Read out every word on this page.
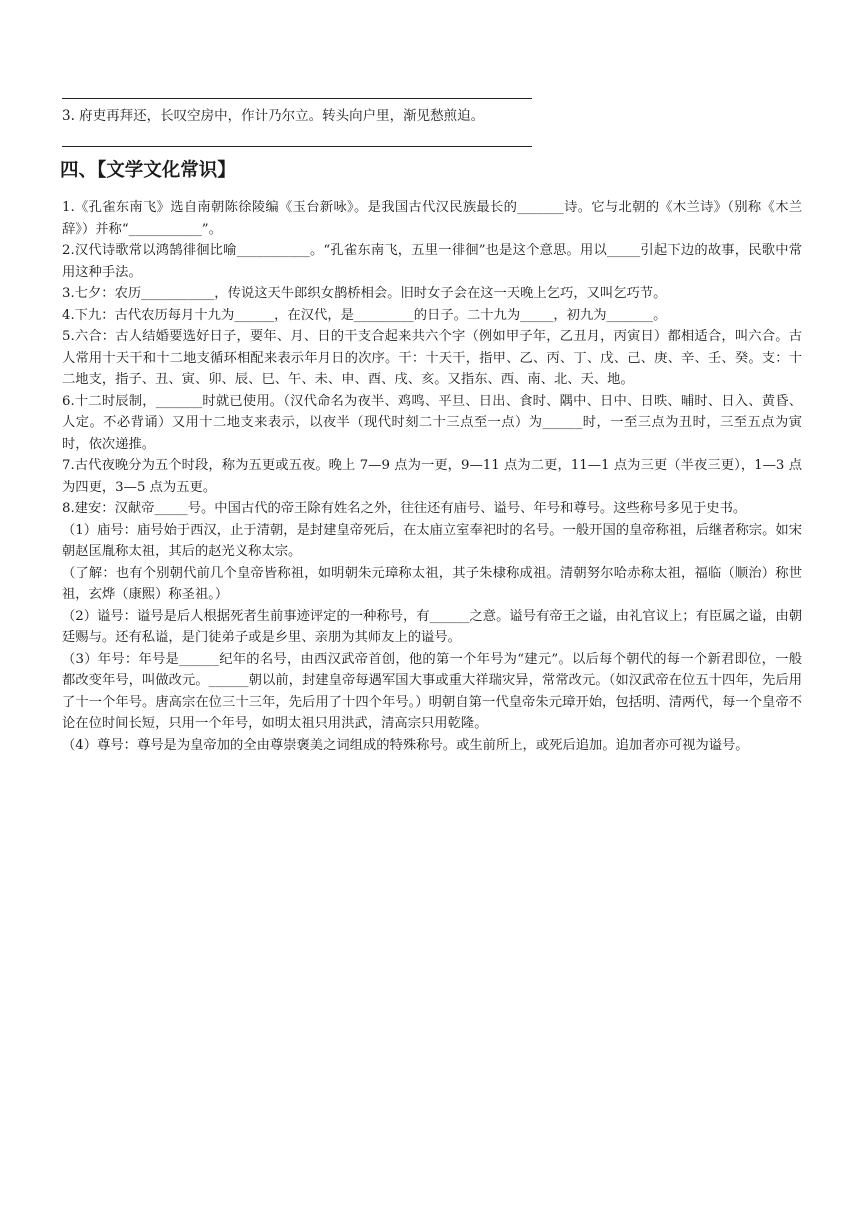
3. 府吏再拜还，长叹空房中，作计乃尔立。转头向户里，渐见愁煎迫。
四、【文学文化常识】

1.《孔雀东南飞》选自南朝陈徐陵编《玉台新咏》。是我国古代汉民族最长的_______诗。它与北朝的《木兰诗》（别称《木兰辞》）并称“___________”。

2.汉代诗歌常以鸿鹄徘徊比喻___________。“孔雀东南飞，五里一徘徊”也是这个意思。用以_____引起下边的故事，民歌中常用这种手法。

3.七夕：农历___________，传说这天牛郎织女鹊桥相会。旧时女子会在这一天晚上乞巧，又叫乞巧节。

4.下九：古代农历每月十九为______，在汉代，是_________的日子。二十九为_____，初九为_______。

5.六合：古人结婚要选好日子，要年、月、日的干支合起来共六个字（例如甲子年，乙丑月，丙寅日）都相适合，叫六合。古人常用十天干和十二地支循环相配来表示年月日的次序。干：十天干，指甲、乙、丙、丁、戊、己、庚、辛、壬、癸。支：十二地支，指子、丑、寅、卯、辰、巳、午、未、申、酉、戌、亥。又指东、西、南、北、天、地。

6.十二时辰制，_______时就已使用。（汉代命名为夜半、鸡鸣、平旦、日出、食时、隅中、日中、日昳、晡时、日入、黄昏、人定。不必背诵）又用十二地支来表示，以夜半（现代时刻二十三点至一点）为______时，一至三点为丑时，三至五点为寅时，依次递推。

7.古代夜晚分为五个时段，称为五更或五夜。晚上 7—9 点为一更，9—11 点为二更，11—1 点为三更（半夜三更），1—3 点为四更，3—5 点为五更。

8.建安：汉献帝_____号。中国古代的帝王除有姓名之外，往往还有庙号、谥号、年号和尊号。这些称号多见于史书。

（1）庙号：庙号始于西汉，止于清朝，是封建皇帝死后，在太庙立室奉祀时的名号。一般开国的皇帝称祖，后继者称宗。如宋朝赵匡胤称太祖，其后的赵光义称太宗。

（了解：也有个别朝代前几个皇帝皆称祖，如明朝朱元璋称太祖，其子朱棣称成祖。清朝努尔哈赤称太祖，福临（顺治）称世祖，玄烨（康熙）称圣祖。）

（2）谥号：谥号是后人根据死者生前事迹评定的一种称号，有______之意。谥号有帝王之谥，由礼官议上；有臣属之谥，由朝廷赐与。还有私谥，是门徒弟子或是乡里、亲朋为其师友上的谥号。

（3）年号：年号是______纪年的名号，由西汉武帝首创，他的第一个年号为“建元”。以后每个朝代的每一个新君即位，一般都改变年号，叫做改元。______朝以前，封建皇帝每遇军国大事或重大祥瑞灾异，常常改元。（如汉武帝在位五十四年，先后用了十一个年号。唐高宗在位三十三年，先后用了十四个年号。）明朝自第一代皇帝朱元璋开始，包括明、清两代，每一个皇帝不论在位时间长短，只用一个年号，如明太祖只用洪武，清高宗只用乾隆。

（4）尊号：尊号是为皇帝加的全由尊崇褒美之词组成的特殊称号。或生前所上，或死后追加。追加者亦可视为谥号。
